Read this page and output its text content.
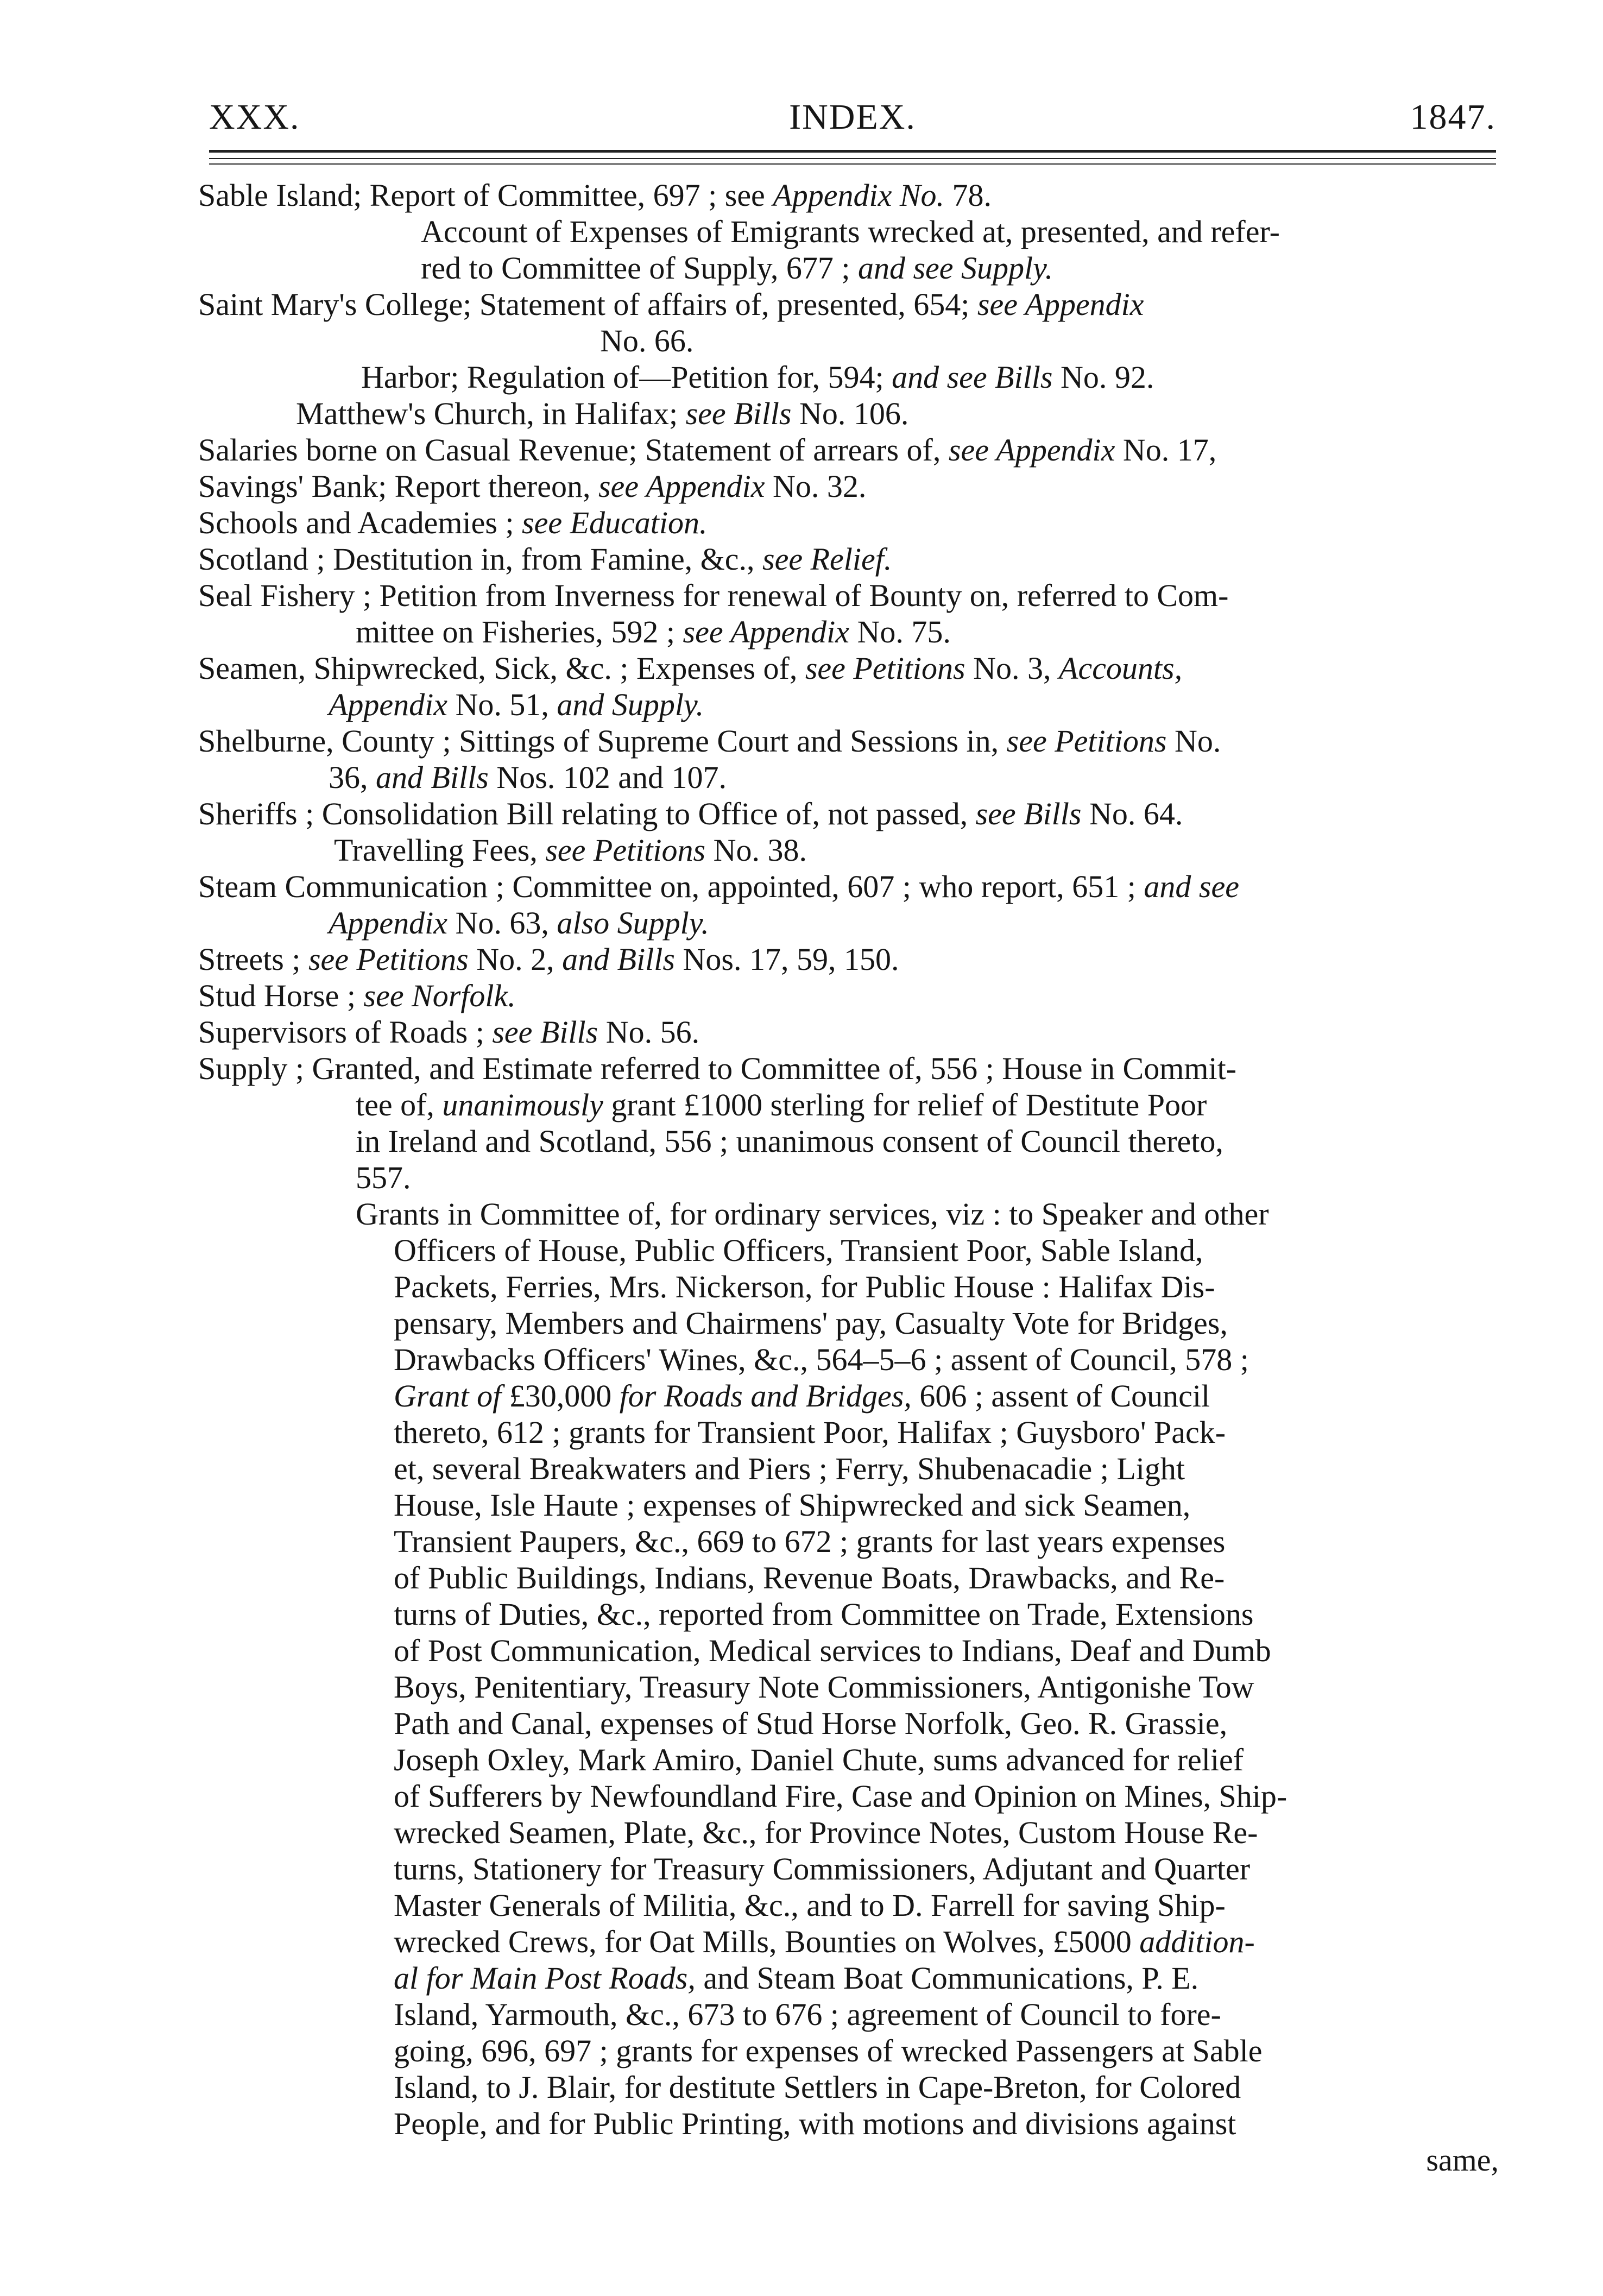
XXX.	INDEX.	1847.
Sable Island; Report of Committee, 697 ; see Appendix No. 78.
Account of Expenses of Emigrants wrecked at, presented, and refer-
red to Committee of Supply, 677 ; and see Supply.
Saint Mary's College; Statement of affairs of, presented, 654; see Appendix
No. 66.
Harbor; Regulation of—Petition for, 594; and see Bills No. 92.
Matthew's Church, in Halifax; see Bills No. 106.
Salaries borne on Casual Revenue; Statement of arrears of, see Appendix No. 17,
Savings' Bank; Report thereon, see Appendix No. 32.
Schools and Academies ; see Education.
Scotland ; Destitution in, from Famine, &c., see Relief.
Seal Fishery ; Petition from Inverness for renewal of Bounty on, referred to Com-
mittee on Fisheries, 592 ; see Appendix No. 75.
Seamen, Shipwrecked, Sick, &c. ; Expenses of, see Petitions No. 3, Accounts,
Appendix No. 51, and Supply.
Shelburne, County ; Sittings of Supreme Court and Sessions in, see Petitions No.
36, and Bills Nos. 102 and 107.
Sheriffs ; Consolidation Bill relating to Office of, not passed, see Bills No. 64.
Travelling Fees, see Petitions No. 38.
Steam Communication ; Committee on, appointed, 607 ; who report, 651 ; and see
Appendix No. 63, also Supply.
Streets ; see Petitions No. 2, and Bills Nos. 17, 59, 150.
Stud Horse ; see Norfolk.
Supervisors of Roads ; see Bills No. 56.
Supply ; Granted, and Estimate referred to Committee of, 556 ; House in Commit-
tee of, unanimously grant £1000 sterling for relief of Destitute Poor
in Ireland and Scotland, 556 ; unanimous consent of Council thereto,
557.
Grants in Committee of, for ordinary services, viz : to Speaker and other
Officers of House, Public Officers, Transient Poor, Sable Island,
Packets, Ferries, Mrs. Nickerson, for Public House : Halifax Dis-
pensary, Members and Chairmens' pay, Casualty Vote for Bridges,
Drawbacks Officers' Wines, &c., 564–5–6 ; assent of Council, 578 ;
Grant of £30,000 for Roads and Bridges, 606 ; assent of Council
thereto, 612 ; grants for Transient Poor, Halifax ; Guysboro' Pack-
et, several Breakwaters and Piers ; Ferry, Shubenacadie ; Light
House, Isle Haute ; expenses of Shipwrecked and sick Seamen,
Transient Paupers, &c., 669 to 672 ; grants for last years expenses
of Public Buildings, Indians, Revenue Boats, Drawbacks, and Re-
turns of Duties, &c., reported from Committee on Trade, Extensions
of Post Communication, Medical services to Indians, Deaf and Dumb
Boys, Penitentiary, Treasury Note Commissioners, Antigonishe Tow
Path and Canal, expenses of Stud Horse Norfolk, Geo. R. Grassie,
Joseph Oxley, Mark Amiro, Daniel Chute, sums advanced for relief
of Sufferers by Newfoundland Fire, Case and Opinion on Mines, Ship-
wrecked Seamen, Plate, &c., for Province Notes, Custom House Re-
turns, Stationery for Treasury Commissioners, Adjutant and Quarter
Master Generals of Militia, &c., and to D. Farrell for saving Ship-
wrecked Crews, for Oat Mills, Bounties on Wolves, £5000 addition-
al for Main Post Roads, and Steam Boat Communications, P. E.
Island, Yarmouth, &c., 673 to 676 ; agreement of Council to fore-
going, 696, 697 ; grants for expenses of wrecked Passengers at Sable
Island, to J. Blair, for destitute Settlers in Cape-Breton, for Colored
People, and for Public Printing, with motions and divisions against
same,
